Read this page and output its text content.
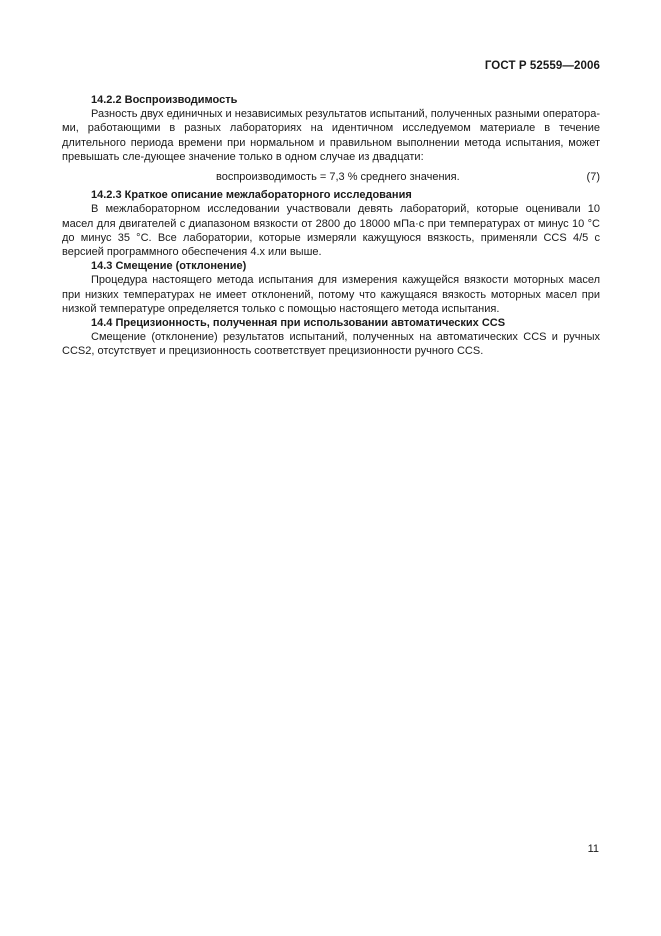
ГОСТ Р 52559—2006

14.2.2 Воспроизводимость

Разность двух единичных и независимых результатов испытаний, полученных разными оператора-ми, работающими в разных лабораториях на идентичном исследуемом материале в течение длительного периода времени при нормальном и правильном выполнении метода испытания, может превышать сле-дующее значение только в одном случае из двадцати:

воспроизводимость = 7,3 % среднего значения.	(7)

14.2.3 Краткое описание межлабораторного исследования

В межлабораторном исследовании участвовали девять лабораторий, которые оценивали 10 масел для двигателей с диапазоном вязкости от 2800 до 18000 мПа·с при температурах от минус 10 °С до минус 35 °С. Все лаборатории, которые измеряли кажущуюся вязкость, применяли CCS 4/5 с версией программного обеспечения 4.x или выше.

14.3 Смещение (отклонение)

Процедура настоящего метода испытания для измерения кажущейся вязкости моторных масел при низких температурах не имеет отклонений, потому что кажущаяся вязкость моторных масел при низкой температуре определяется только с помощью настоящего метода испытания.

14.4 Прецизионность, полученная при использовании автоматических CCS

Смещение (отклонение) результатов испытаний, полученных на автоматических CCS и ручных CCS2, отсутствует и прецизионность соответствует прецизионности ручного CCS.

11
